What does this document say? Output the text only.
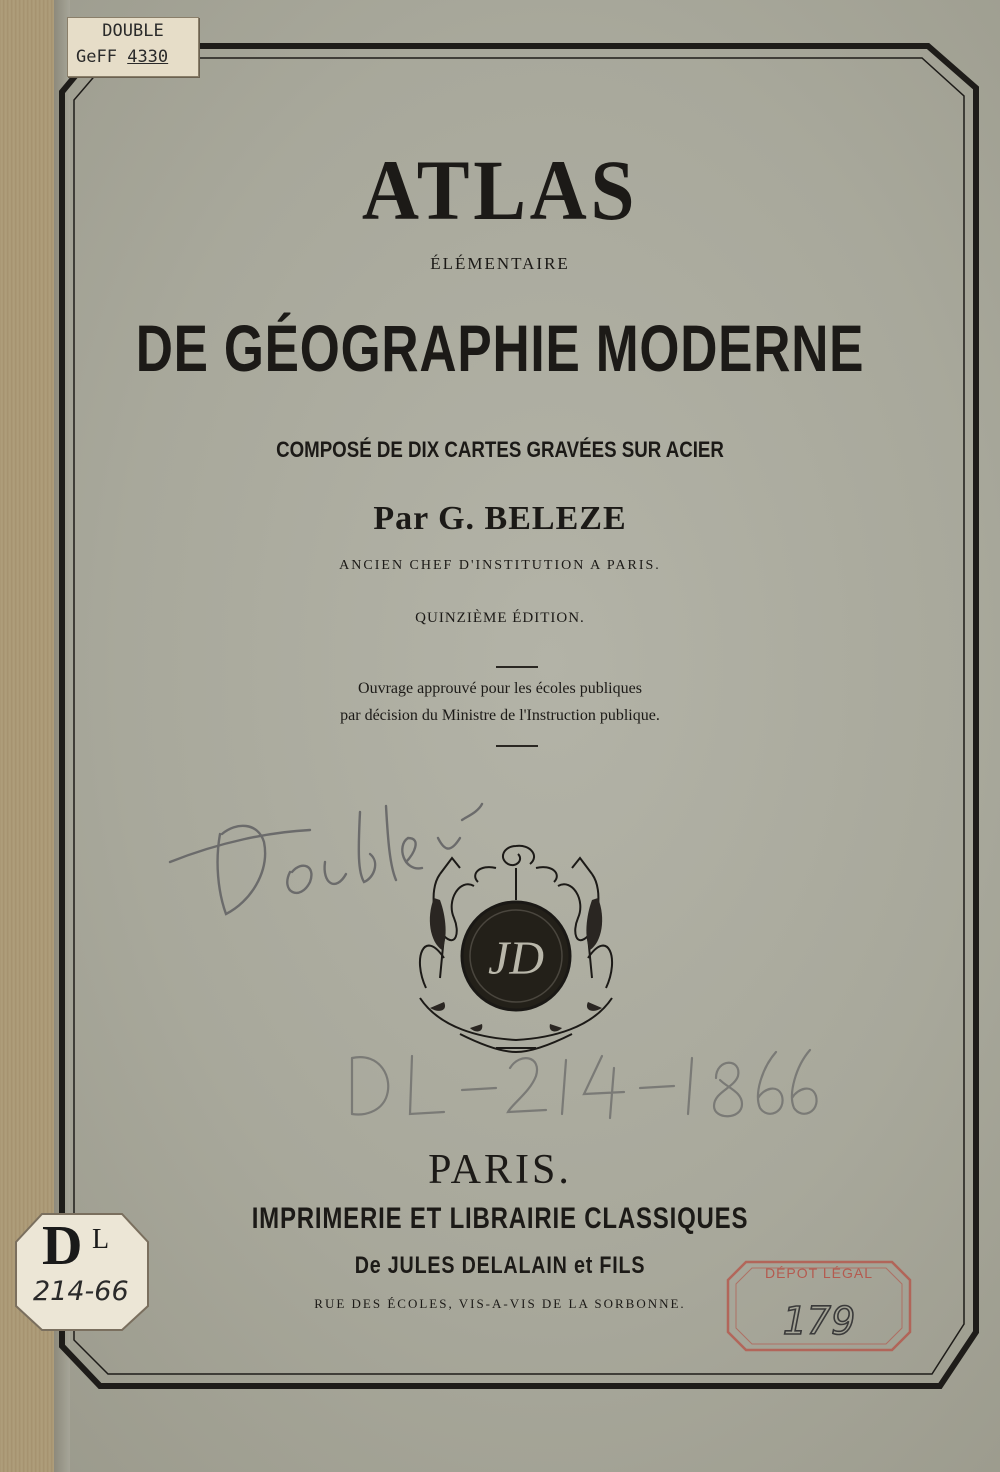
DOUBLE
GeFF 4330
ATLAS
ÉLÉMENTAIRE
DE GÉOGRAPHIE MODERNE
COMPOSÉ DE DIX CARTES GRAVÉES SUR ACIER
Par G. BELEZE
ANCIEN CHEF D'INSTITUTION A PARIS.
QUINZIÈME ÉDITION.
Ouvrage approuvé pour les écoles publiques
par décision du Ministre de l'Instruction publique.
JD
PARIS.
IMPRIMERIE ET LIBRAIRIE CLASSIQUES
De JULES DELALAIN et FILS
RUE DES ÉCOLES, VIS-A-VIS DE LA SORBONNE.
D L
214-66
179
DÉPOT LÉGAL
